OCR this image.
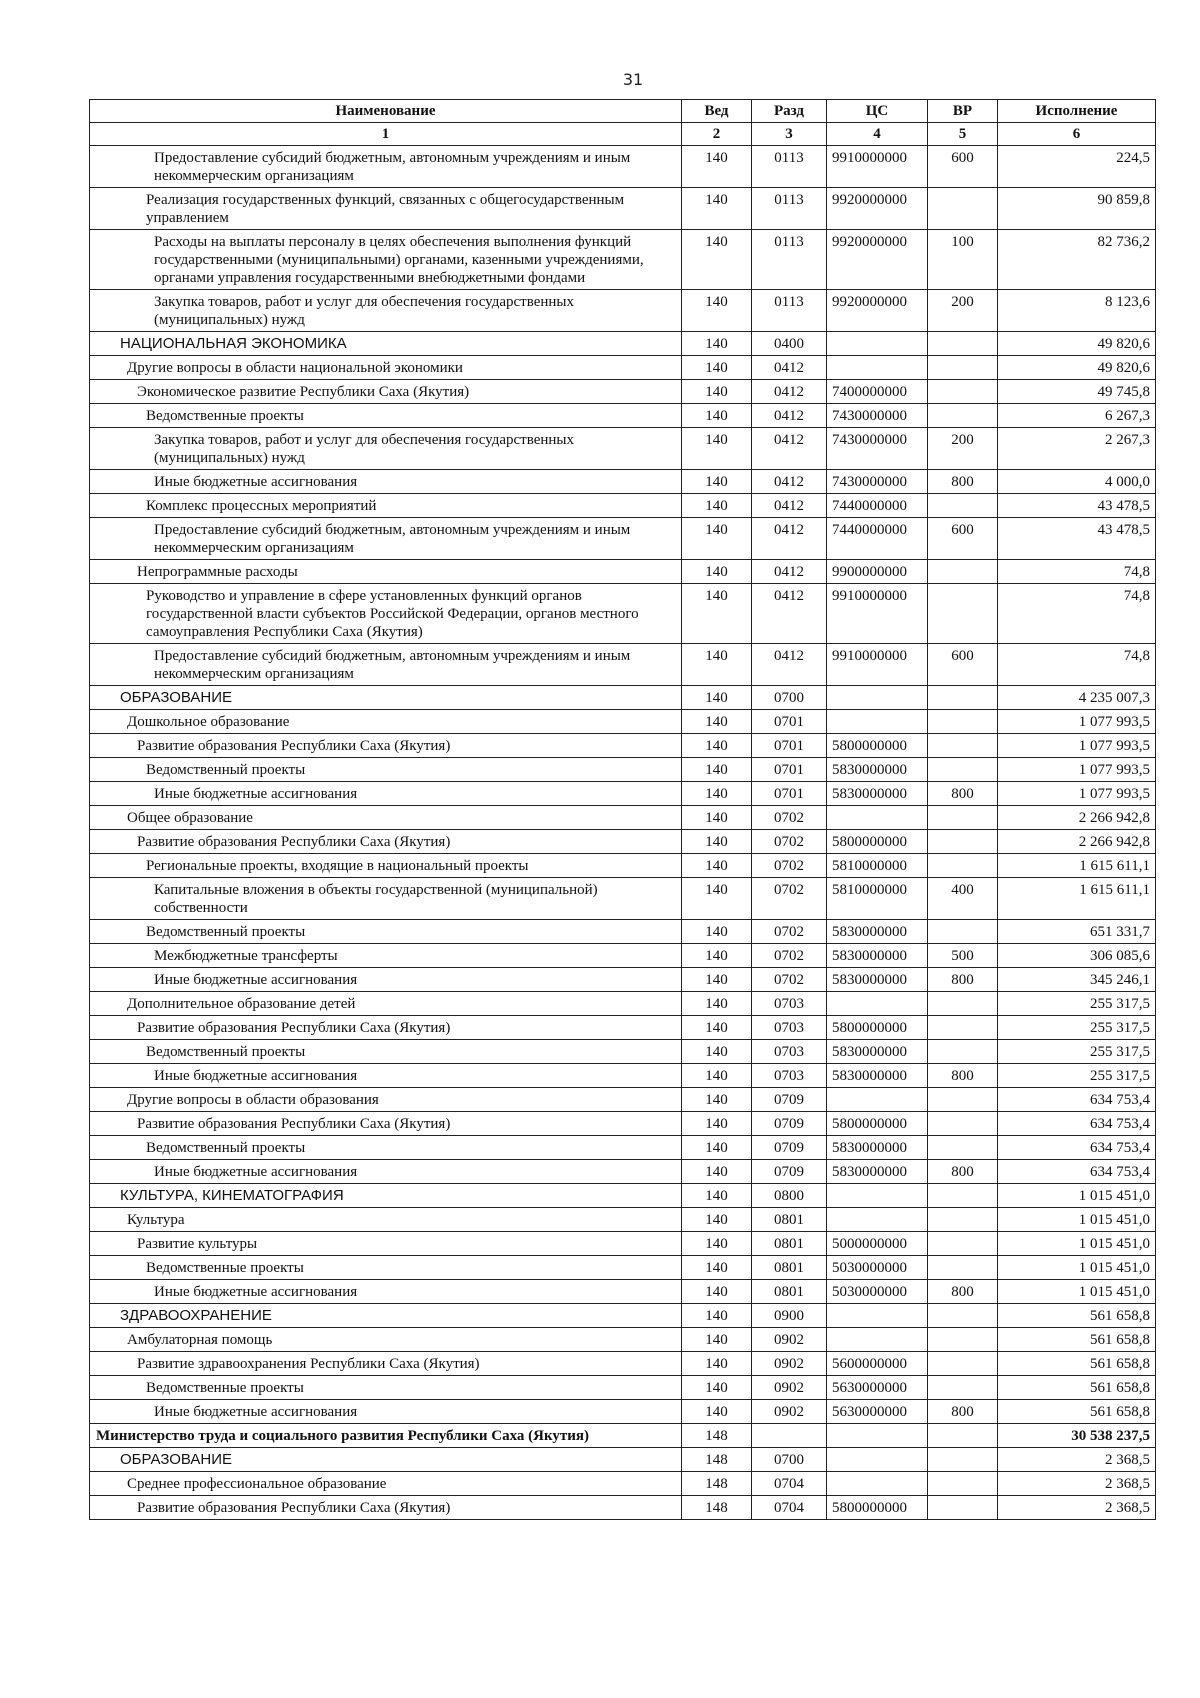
31
Наименование	Вед	Разд	ЦС	ВР	Исполнение
1	2	3	4	5	6
Предоставление субсидий бюджетным, автономным учреждениям и иным некоммерческим организациям	140	0113	9910000000	600	224,5
Реализация государственных функций, связанных с общегосударственным управлением	140	0113	9920000000		90 859,8
Расходы на выплаты персоналу в целях обеспечения выполнения функций государственными (муниципальными) органами, казенными учреждениями, органами управления государственными внебюджетными фондами	140	0113	9920000000	100	82 736,2
Закупка товаров, работ и услуг для обеспечения государственных (муниципальных) нужд	140	0113	9920000000	200	8 123,6
НАЦИОНАЛЬНАЯ ЭКОНОМИКА	140	0400			49 820,6
Другие вопросы в области национальной экономики	140	0412			49 820,6
Экономическое развитие Республики Саха (Якутия)	140	0412	7400000000		49 745,8
Ведомственные проекты	140	0412	7430000000		6 267,3
Закупка товаров, работ и услуг для обеспечения государственных (муниципальных) нужд	140	0412	7430000000	200	2 267,3
Иные бюджетные ассигнования	140	0412	7430000000	800	4 000,0
Комплекс процессных мероприятий	140	0412	7440000000		43 478,5
Предоставление субсидий бюджетным, автономным учреждениям и иным некоммерческим организациям	140	0412	7440000000	600	43 478,5
Непрограммные расходы	140	0412	9900000000		74,8
Руководство и управление в сфере установленных функций органов государственной власти субъектов Российской Федерации, органов местного самоуправления Республики Саха (Якутия)	140	0412	9910000000		74,8
Предоставление субсидий бюджетным, автономным учреждениям и иным некоммерческим организациям	140	0412	9910000000	600	74,8
ОБРАЗОВАНИЕ	140	0700			4 235 007,3
Дошкольное образование	140	0701			1 077 993,5
Развитие образования Республики Саха (Якутия)	140	0701	5800000000		1 077 993,5
Ведомственный проекты	140	0701	5830000000		1 077 993,5
Иные бюджетные ассигнования	140	0701	5830000000	800	1 077 993,5
Общее образование	140	0702			2 266 942,8
Развитие образования Республики Саха (Якутия)	140	0702	5800000000		2 266 942,8
Региональные проекты, входящие в национальный проекты	140	0702	5810000000		1 615 611,1
Капитальные вложения в объекты государственной (муниципальной) собственности	140	0702	5810000000	400	1 615 611,1
Ведомственный проекты	140	0702	5830000000		651 331,7
Межбюджетные трансферты	140	0702	5830000000	500	306 085,6
Иные бюджетные ассигнования	140	0702	5830000000	800	345 246,1
Дополнительное образование детей	140	0703			255 317,5
Развитие образования Республики Саха (Якутия)	140	0703	5800000000		255 317,5
Ведомственный проекты	140	0703	5830000000		255 317,5
Иные бюджетные ассигнования	140	0703	5830000000	800	255 317,5
Другие вопросы в области образования	140	0709			634 753,4
Развитие образования Республики Саха (Якутия)	140	0709	5800000000		634 753,4
Ведомственный проекты	140	0709	5830000000		634 753,4
Иные бюджетные ассигнования	140	0709	5830000000	800	634 753,4
КУЛЬТУРА, КИНЕМАТОГРАФИЯ	140	0800			1 015 451,0
Культура	140	0801			1 015 451,0
Развитие культуры	140	0801	5000000000		1 015 451,0
Ведомственные проекты	140	0801	5030000000		1 015 451,0
Иные бюджетные ассигнования	140	0801	5030000000	800	1 015 451,0
ЗДРАВООХРАНЕНИЕ	140	0900			561 658,8
Амбулаторная помощь	140	0902			561 658,8
Развитие здравоохранения Республики Саха (Якутия)	140	0902	5600000000		561 658,8
Ведомственные проекты	140	0902	5630000000		561 658,8
Иные бюджетные ассигнования	140	0902	5630000000	800	561 658,8
Министерство труда и социального развития Республики Саха (Якутия)	148				30 538 237,5
ОБРАЗОВАНИЕ	148	0700			2 368,5
Среднее профессиональное образование	148	0704			2 368,5
Развитие образования Республики Саха (Якутия)	148	0704	5800000000		2 368,5
